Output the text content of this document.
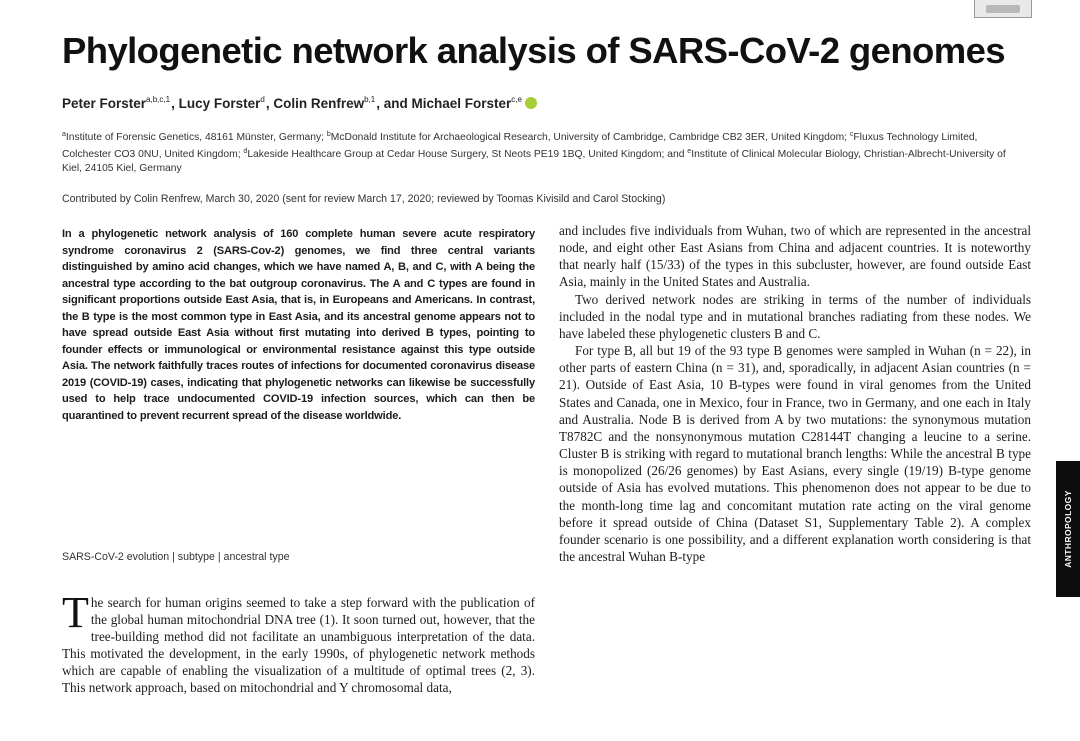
Phylogenetic network analysis of SARS-CoV-2 genomes

Peter Forster$^{a,b,c,1}$, Lucy Forster$^d$, Colin Renfrew$^{b,1}$, and Michael Forster$^{c,e}$

$^a$Institute of Forensic Genetics, 48161 Münster, Germany; $^b$McDonald Institute for Archaeological Research, University of Cambridge, Cambridge CB2 3ER, United Kingdom; $^c$Fluxus Technology Limited, Colchester CO3 0NU, United Kingdom; $^d$Lakeside Healthcare Group at Cedar House Surgery, St Neots PE19 1BQ, United Kingdom; and $^e$Institute of Clinical Molecular Biology, Christian-Albrecht-University of Kiel, 24105 Kiel, Germany

Contributed by Colin Renfrew, March 30, 2020 (sent for review March 17, 2020; reviewed by Toomas Kivisild and Carol Stocking)

In a phylogenetic network analysis of 160 complete human severe acute respiratory syndrome coronavirus 2 (SARS-Cov-2) genomes, we find three central variants distinguished by amino acid changes, which we have named A, B, and C, with A being the ancestral type according to the bat outgroup coronavirus. The A and C types are found in significant proportions outside East Asia, that is, in Europeans and Americans. In contrast, the B type is the most common type in East Asia, and its ancestral genome appears not to have spread outside East Asia without first mutating into derived B types, pointing to founder effects or immunological or environmental resistance against this type outside Asia. The network faithfully traces routes of infections for documented coronavirus disease 2019 (COVID-19) cases, indicating that phylogenetic networks can likewise be successfully used to help trace undocumented COVID-19 infection sources, which can then be quarantined to prevent recurrent spread of the disease worldwide.

SARS-CoV-2 evolution | subtype | ancestral type

The search for human origins seemed to take a step forward with the publication of the global human mitochondrial DNA tree (1). It soon turned out, however, that the tree-building method did not facilitate an unambiguous interpretation of the data. This motivated the development, in the early 1990s, of phylogenetic network methods which are capable of enabling the visualization of a multitude of optimal trees (2, 3). This network approach, based on mitochondrial and Y chromosomal data,

and includes five individuals from Wuhan, two of which are represented in the ancestral node, and eight other East Asians from China and adjacent countries. It is noteworthy that nearly half (15/33) of the types in this subcluster, however, are found outside East Asia, mainly in the United States and Australia.

Two derived network nodes are striking in terms of the number of individuals included in the nodal type and in mutational branches radiating from these nodes. We have labeled these phylogenetic clusters B and C.

For type B, all but 19 of the 93 type B genomes were sampled in Wuhan (n = 22), in other parts of eastern China (n = 31), and, sporadically, in adjacent Asian countries (n = 21). Outside of East Asia, 10 B-types were found in viral genomes from the United States and Canada, one in Mexico, four in France, two in Germany, and one each in Italy and Australia. Node B is derived from A by two mutations: the synonymous mutation T8782C and the nonsynonymous mutation C28144T changing a leucine to a serine. Cluster B is striking with regard to mutational branch lengths: While the ancestral B type is monopolized (26/26 genomes) by East Asians, every single (19/19) B-type genome outside of Asia has evolved mutations. This phenomenon does not appear to be due to the month-long time lag and concomitant mutation rate acting on the viral genome before it spread outside of China (Dataset S1, Supplementary Table 2). A complex founder scenario is one possibility, and a different explanation worth considering is that the ancestral Wuhan B-type	ANTHROPOLOGY
